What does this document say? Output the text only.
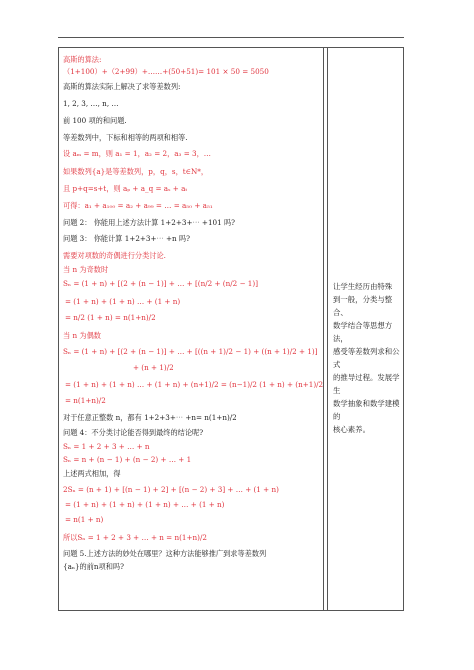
高斯的算法:
（1+100）+（2+99）+……+(50+51)= 101 × 50 = 5050
高斯的算法实际上解决了求等差数列:
1, 2, 3, …, n, …
前 100 项的和问题.
等差数列中，下标和相等的两项和相等.
设 aₘ = m，则 a₁ = 1，a₂ = 2，a₃ = 3，…
如果数列{a}是等差数列，p，q，s，t∈N*，
且 p+q=s+t，则 aₚ + a_q = aₛ + aₜ
可得：a₁ + a₁₀₀ = a₂ + a₉₉ = … = a₅₀ + a₅₁
问题 2： 你能用上述方法计算 1+2+3+⋯ +101 吗?
问题 3： 你能计算 1+2+3+⋯ +n 吗?
需要对项数的奇偶进行分类讨论.
当 n 为奇数时
Sₙ = (1 + n) + [(2 + (n − 1)] + … + [(n/2 + (n/2 − 1)]
= (1 + n) + (1 + n) … + (1 + n)
= n/2 (1 + n) = n(1+n)/2
当 n 为偶数
Sₙ = (1 + n) + [(2 + (n − 1)] + … + [((n + 1)/2 − 1) + ((n + 1)/2 + 1)]
+ (n + 1)/2
= (1 + n) + (1 + n) … + (1 + n) + (n+1)/2 = (n−1)/2 (1 + n) + (n+1)/2
= n(1+n)/2
对于任意正整数 n，都有 1+2+3+⋯ +n= n(1+n)/2
问题 4：不分类讨论能否得到最终的结论呢?
Sₙ = 1 + 2 + 3 + … + n
Sₙ = n + (n − 1) + (n − 2) + … + 1
上述两式相加，得
2Sₙ = (n + 1) + [(n − 1) + 2] + [(n − 2) + 3] + … + (1 + n)
= (1 + n) + (1 + n) + (1 + n) + … + (1 + n)
= n(1 + n)
所以Sₙ = 1 + 2 + 3 + … + n = n(1+n)/2
问题 5.上述方法的妙处在哪里？这种方法能够推广到求等差数列
{aₙ}的前n项和吗?

让学生经历由特殊

到一般，分类与整合、

数学结合等思想方法，

感受等差数列求和公式

的推导过程。发展学生

数学抽象和数学建模的

核心素养。
